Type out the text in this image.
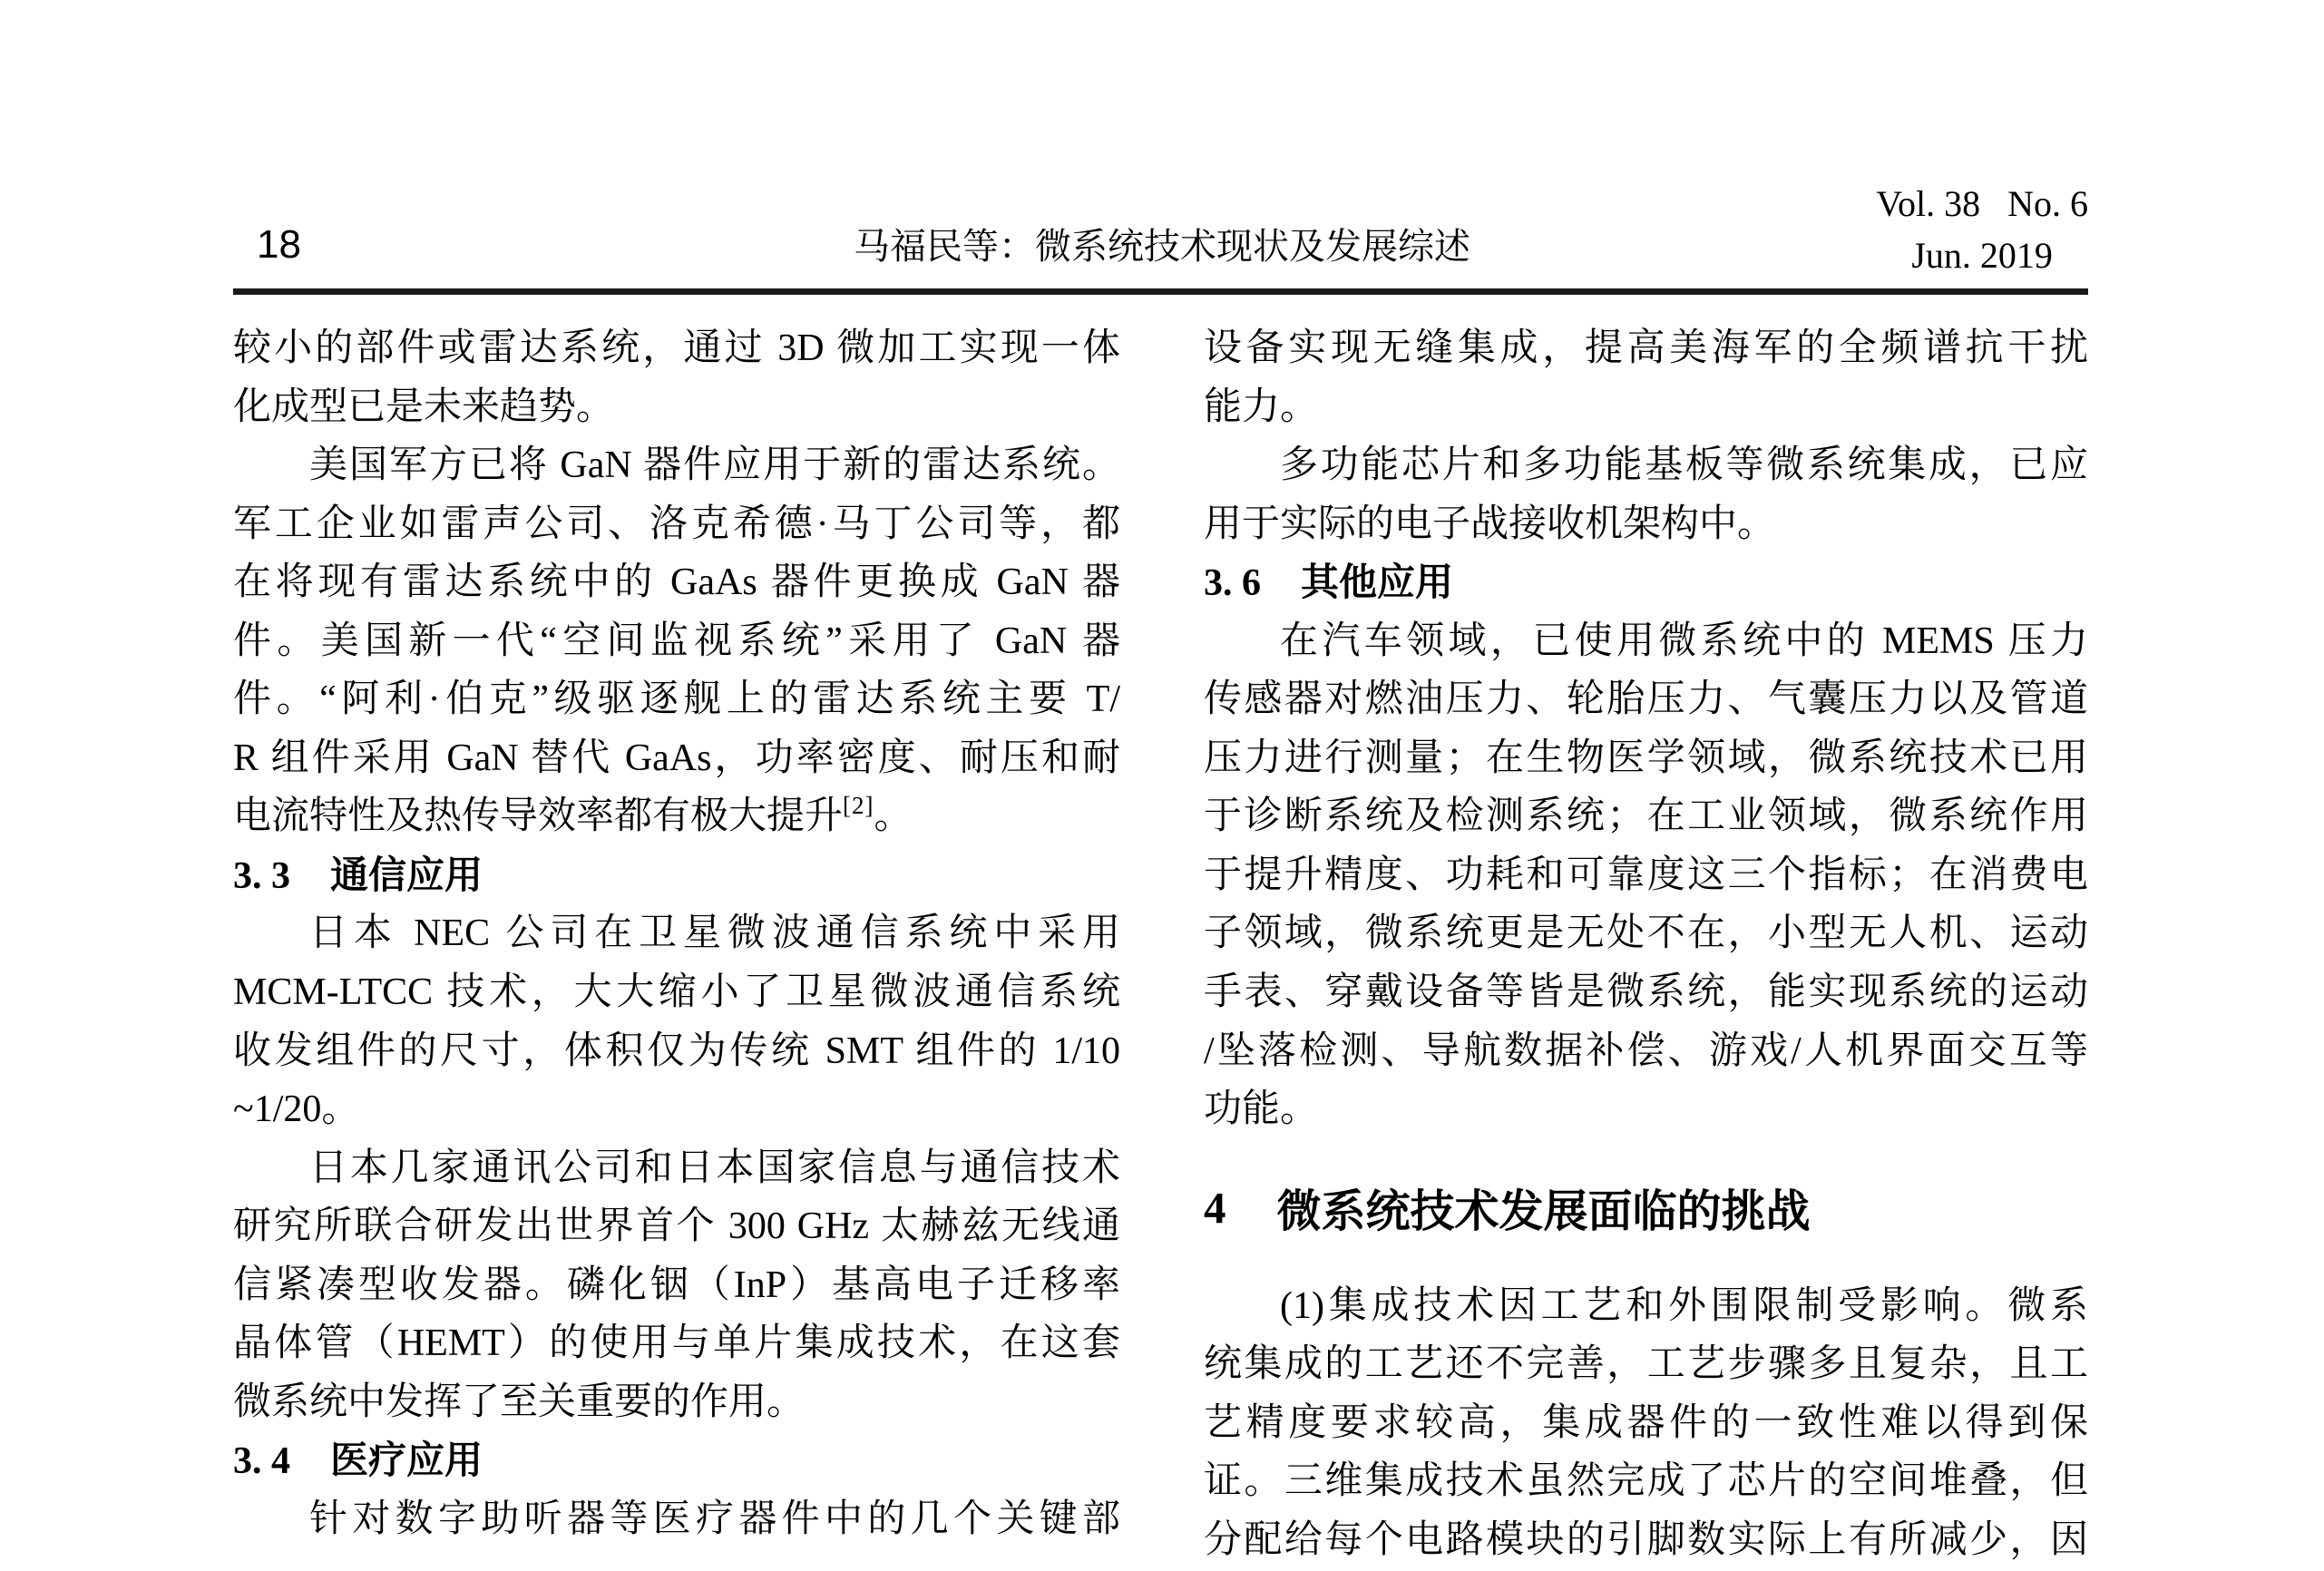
18	马福民等：微系统技术现状及发展综述
Vol. 38   No. 6
Jun. 2019
较小的部件或雷达系统，通过 3D 微加工实现一体
化成型已是未来趋势。
美国军方已将 GaN 器件应用于新的雷达系统。
军工企业如雷声公司、洛克希德·马丁公司等，都
在将现有雷达系统中的 GaAs 器件更换成 GaN 器
件。美国新一代“空间监视系统”采用了 GaN 器
件。“阿利·伯克”级驱逐舰上的雷达系统主要 T/
R 组件采用 GaN 替代 GaAs，功率密度、耐压和耐
电流特性及热传导效率都有极大提升[2]。
3. 3 通信应用
日本 NEC 公司在卫星微波通信系统中采用
MCM-LTCC 技术，大大缩小了卫星微波通信系统
收发组件的尺寸，体积仅为传统 SMT 组件的 1/10
~1/20。
日本几家通讯公司和日本国家信息与通信技术
研究所联合研发出世界首个 300 GHz 太赫兹无线通
信紧凑型收发器。磷化铟（InP）基高电子迁移率
晶体管（HEMT）的使用与单片集成技术，在这套
微系统中发挥了至关重要的作用。
3. 4 医疗应用
针对数字助听器等医疗器件中的几个关键部
设备实现无缝集成，提高美海军的全频谱抗干扰
能力。
多功能芯片和多功能基板等微系统集成，已应
用于实际的电子战接收机架构中。
3. 6 其他应用
在汽车领域，已使用微系统中的 MEMS 压力
传感器对燃油压力、轮胎压力、气囊压力以及管道
压力进行测量；在生物医学领域，微系统技术已用
于诊断系统及检测系统；在工业领域，微系统作用
于提升精度、功耗和可靠度这三个指标；在消费电
子领域，微系统更是无处不在，小型无人机、运动
手表、穿戴设备等皆是微系统，能实现系统的运动
/坠落检测、导航数据补偿、游戏/人机界面交互等
功能。
4 微系统技术发展面临的挑战
(1)集成技术因工艺和外围限制受影响。微系
统集成的工艺还不完善，工艺步骤多且复杂，且工
艺精度要求较高，集成器件的一致性难以得到保
证。三维集成技术虽然完成了芯片的空间堆叠，但
分配给每个电路模块的引脚数实际上有所减少，因
